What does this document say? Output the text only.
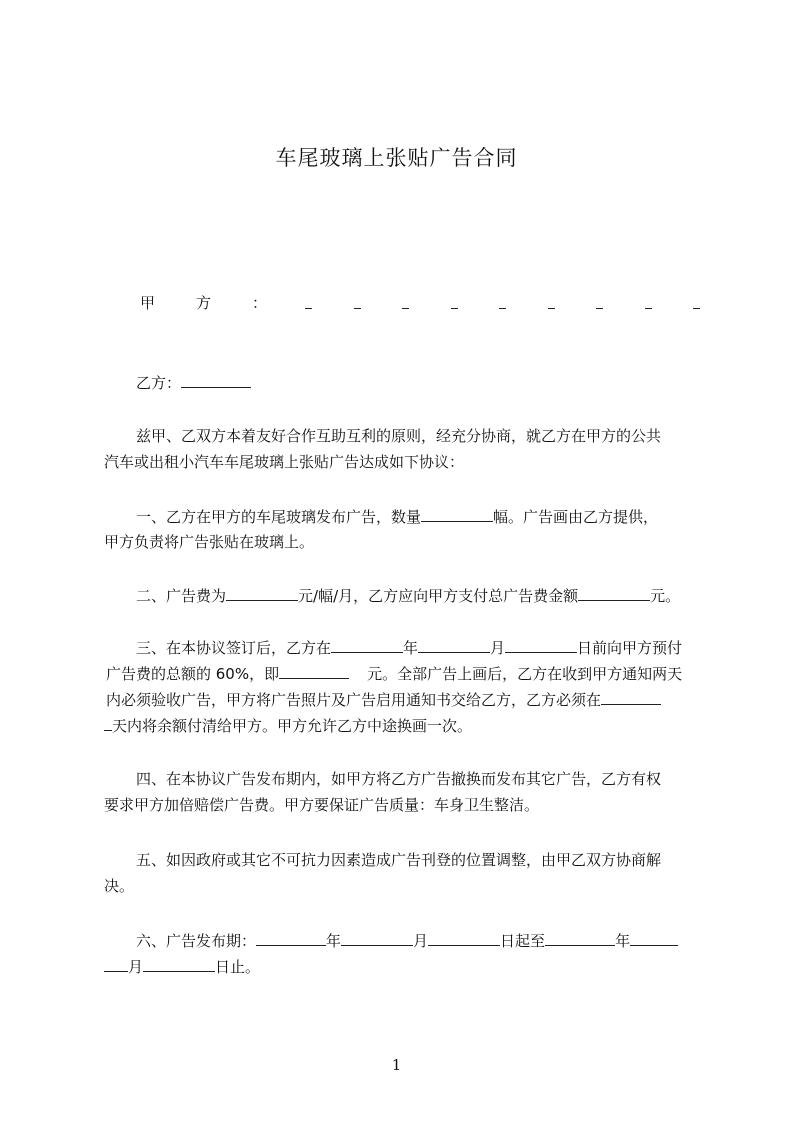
车尾玻璃上张贴广告合同
甲	方	：

乙方：

兹甲、乙双方本着友好合作互助互利的原则，经充分协商，就乙方在甲方的公共

汽车或出租小汽车车尾玻璃上张贴广告达成如下协议：

一、乙方在甲方的车尾玻璃发布广告，数量	幅。广告画由乙方提供，

甲方负责将广告张贴在玻璃上。

二、广告费为	元/幅/月，乙方应向甲方支付总广告费金额	元。

三、在本协议签订后，乙方在	年	月	日前向甲方预付

广告费的总额的 60%，即	元。全部广告上画后，乙方在收到甲方通知两天

内必须验收广告，甲方将广告照片及广告启用通知书交给乙方，乙方必须在

天内将余额付清给甲方。甲方允许乙方中途换画一次。

四、在本协议广告发布期内，如甲方将乙方广告撤换而发布其它广告，乙方有权

要求甲方加倍赔偿广告费。甲方要保证广告质量：车身卫生整洁。

五、如因政府或其它不可抗力因素造成广告刊登的位置调整，由甲乙双方协商解

决。

六、广告发布期：	年	月	日起至	年

月	日止。

1
